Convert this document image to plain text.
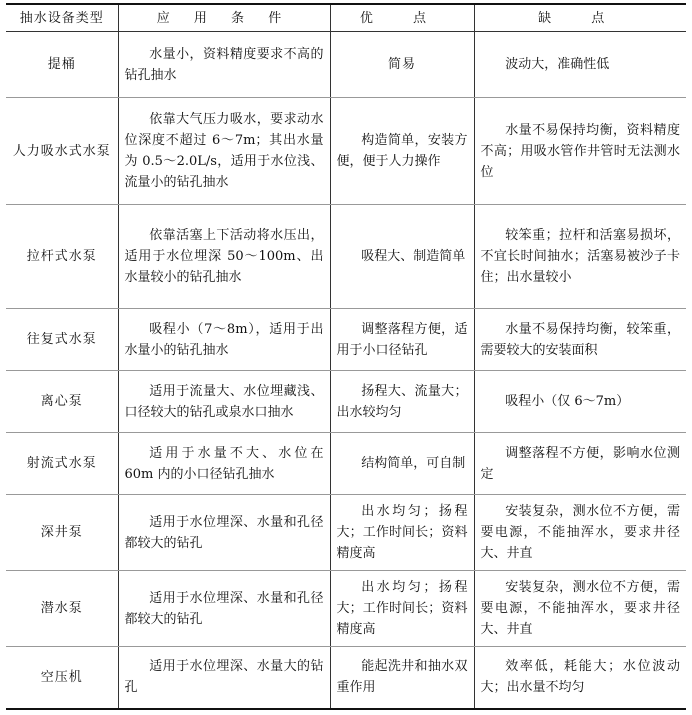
抽水设备类型	应 用 条 件	优 点	缺 点
提桶	水量小，资料精度要求不高的钻孔抽水	简易	波动大，准确性低
人力吸水式水泵	依靠大气压力吸水，要求动水位深度不超过 6～7m；其出水量为 0.5～2.0L/s，适用于水位浅、流量小的钻孔抽水	构造简单，安装方便，便于人力操作	水量不易保持均衡，资料精度不高；用吸水管作井管时无法测水位
拉杆式水泵	依靠活塞上下活动将水压出，适用于水位埋深 50～100m、出水量较小的钻孔抽水	吸程大、制造简单	较笨重；拉杆和活塞易损坏，不宜长时间抽水；活塞易被沙子卡住；出水量较小
往复式水泵	吸程小（7～8m），适用于出水量小的钻孔抽水	调整落程方便，适用于小口径钻孔	水量不易保持均衡，较笨重，需要较大的安装面积
离心泵	适用于流量大、水位埋藏浅、口径较大的钻孔或泉水口抽水	扬程大、流量大；出水较均匀	吸程小（仅 6～7m）
射流式水泵	适用于水量不大、水位在 60m 内的小口径钻孔抽水	结构简单，可自制	调整落程不方便，影响水位测定
深井泵	适用于水位埋深、水量和孔径都较大的钻孔	出水均匀；扬程大；工作时间长；资料精度高	安装复杂，测水位不方便，需要电源，不能抽浑水，要求井径大、井直
潜水泵	适用于水位埋深、水量和孔径都较大的钻孔	出水均匀；扬程大；工作时间长；资料精度高	安装复杂，测水位不方便，需要电源，不能抽浑水，要求井径大、井直
空压机	适用于水位埋深、水量大的钻孔	能起洗井和抽水双重作用	效率低，耗能大；水位波动大；出水量不均匀
